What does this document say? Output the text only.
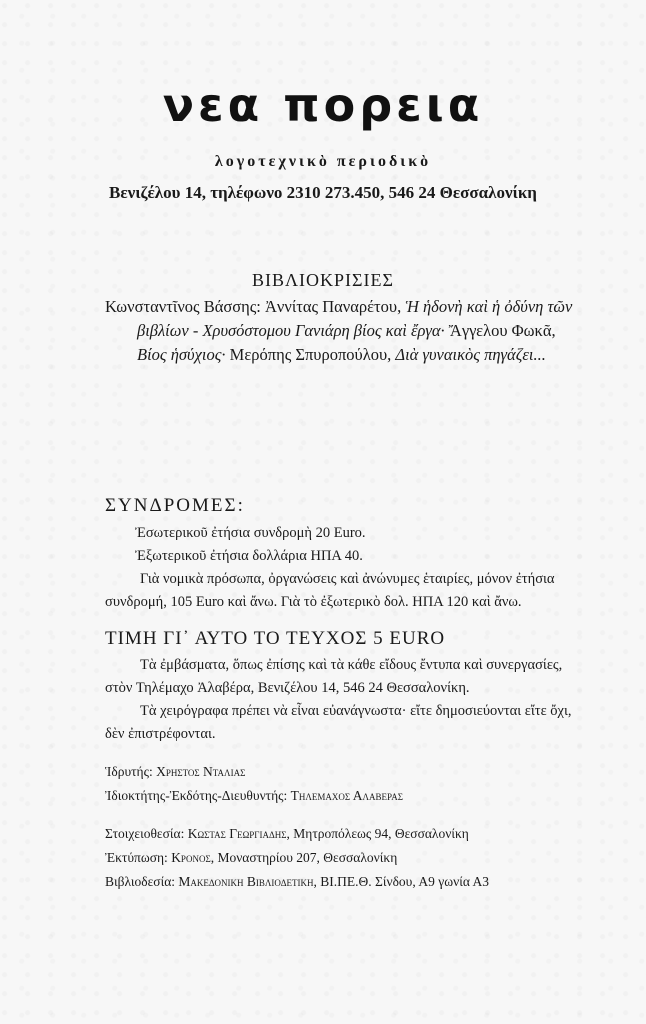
νεα πορεια
λογοτεχνικὸ περιοδικὸ
Βενιζέλου 14, τηλέφωνο 2310 273.450, 546 24 Θεσσαλονίκη
ΒΙΒΛΙΟΚΡΙΣΙΕΣ
Κωνσταντῖνος Βάσσης: Ἀννίτας Παναρέτου, Ἡ ἡδονὴ καὶ ἡ ὀδύνη τῶν
βιβλίων - Χρυσόστομου Γανιάρη βίος καὶ ἔργα· Ἄγγελου Φωκᾶ,
Βίος ἡσύχιος· Μερόπης Σπυροπούλου, Διὰ γυναικὸς πηγάζει...
ΣΥΝΔΡΟΜΕΣ:
Ἐσωτερικοῦ ἐτήσια συνδρομὴ 20 Euro.
Ἐξωτερικοῦ ἐτήσια δολλάρια ΗΠΑ 40.
Γιὰ νομικὰ πρόσωπα, ὀργανώσεις καὶ ἀνώνυμες ἑταιρίες, μόνον ἐτήσια
συνδρομή, 105 Euro καὶ ἄνω. Γιὰ τὸ ἐξωτερικὸ δολ. ΗΠΑ 120 καὶ ἄνω.
ΤΙΜΗ ΓΙ᾽ ΑΥΤΟ ΤΟ ΤΕΥΧΟΣ 5 EURO
Τὰ ἐμβάσματα, ὅπως ἐπίσης καὶ τὰ κάθε εἴδους ἔντυπα καὶ συνεργασίες,
στὸν Τηλέμαχο Ἀλαβέρα, Βενιζέλου 14, 546 24 Θεσσαλονίκη.
Τὰ χειρόγραφα πρέπει νὰ εἶναι εὐανάγνωστα· εἴτε δημοσιεύονται εἴτε ὄχι,
δὲν ἐπιστρέφονται.
Ἱδρυτής: Χρηστος Νταλιας
Ἰδιοκτήτης-Ἐκδότης-Διευθυντής: Τηλεμαχος Αλαβερας
Στοιχειοθεσία: Κωστας Γεωργιαδης, Μητροπόλεως 94, Θεσσαλονίκη
Ἐκτύπωση: Κρονος, Μοναστηρίου 207, Θεσσαλονίκη
Βιβλιοδεσία: Μακεδονικη Βιβλιοδετικη, ΒΙ.ΠΕ.Θ. Σίνδου, Α9 γωνία Α3
